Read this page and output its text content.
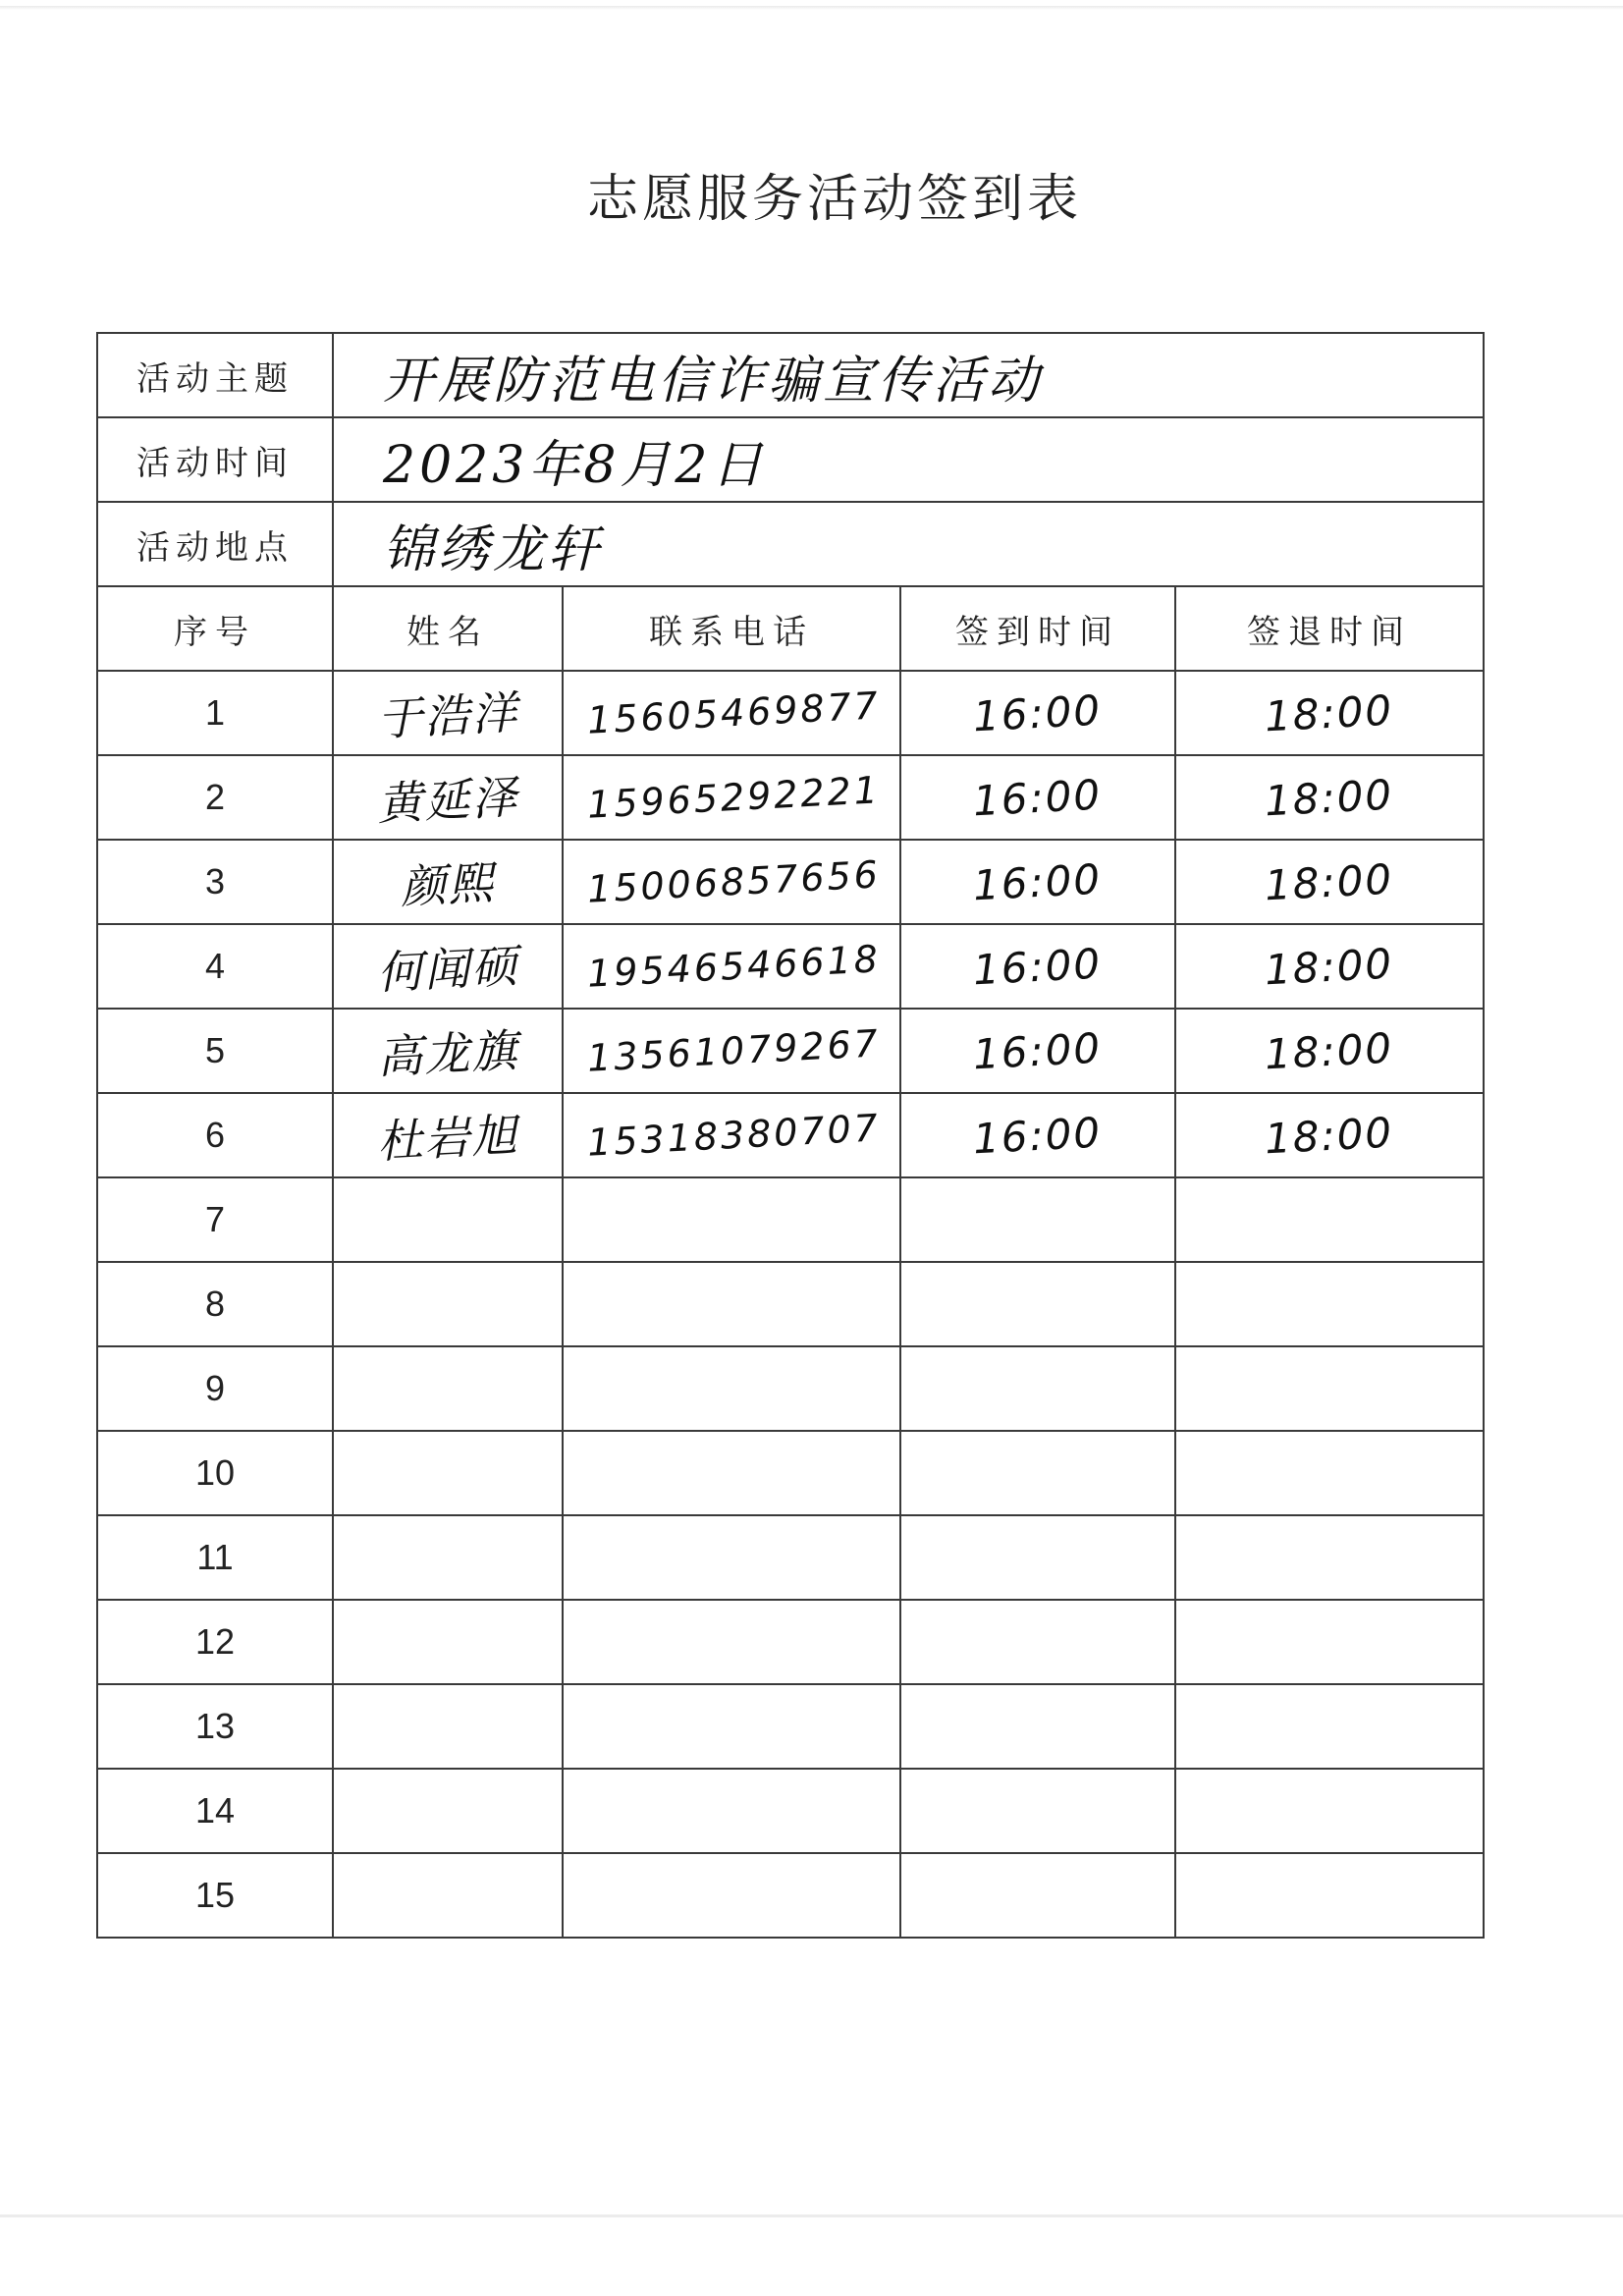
志愿服务活动签到表
活动主题	开展防范电信诈骗宣传活动			
活动时间	2023年8月2日			
活动地点	锦绣龙轩			
序号	姓名	联系电话	签到时间	签退时间
1	于浩洋	15605469877	16:00	18:00
2	黄延泽	15965292221	16:00	18:00
3	颜熙	15006857656	16:00	18:00
4	何闻硕	19546546618	16:00	18:00
5	高龙旗	13561079267	16:00	18:00
6	杜岩旭	15318380707	16:00	18:00
7				
8				
9				
10				
11				
12				
13				
14				
15				
